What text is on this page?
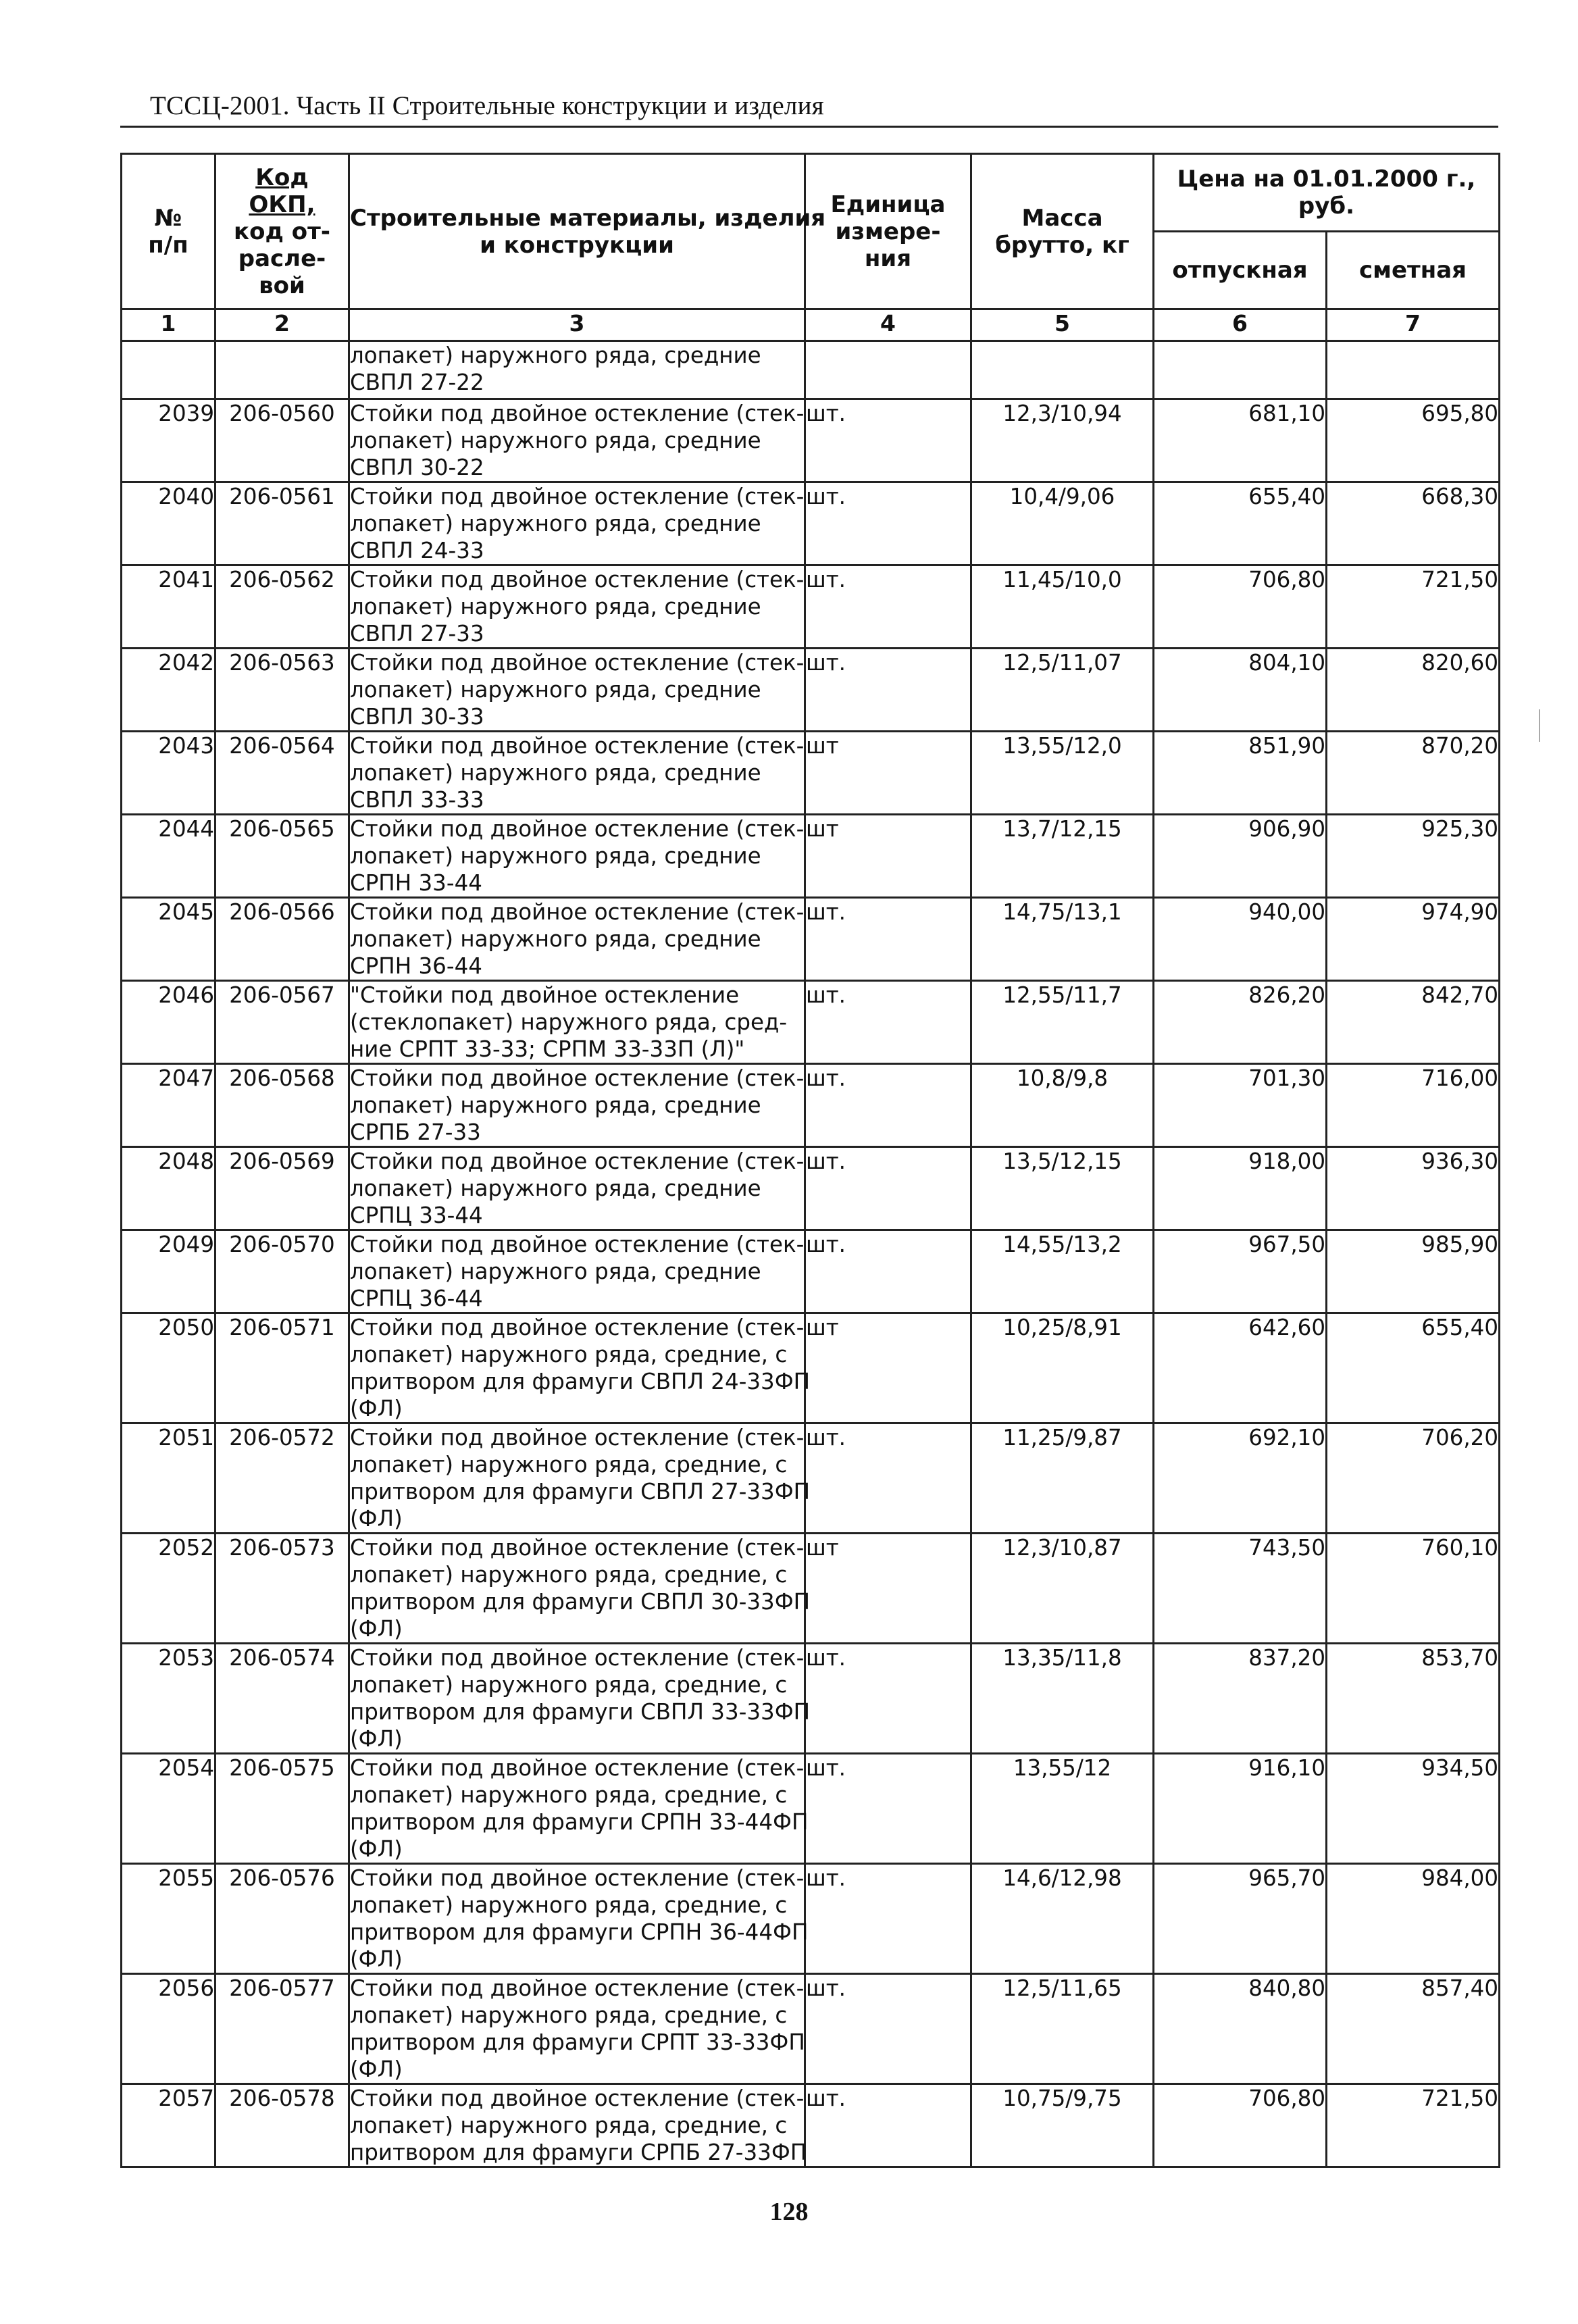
ТССЦ-2001. Часть II Строительные конструкции и изделия
№
п/п	Код
ОКП,
код от-
расле-
вой	Строительные материалы, изделия
и конструкции	Единица
измере-
ния	Масса
брутто, кг	Цена на 01.01.2000 г.,
руб.	

					отпускная	сметная
1	2	3	4	5	6	7

		лопакет) наружного ряда, средние
СВПЛ 27-22				

2039	206-0560	Стойки под двойное остекление (стек-
лопакет) наружного ряда, средние
СВПЛ 30-22	шт.	12,3/10,94	681,10	695,80
2040	206-0561	Стойки под двойное остекление (стек-
лопакет) наружного ряда, средние
СВПЛ 24-33	шт.	10,4/9,06	655,40	668,30
2041	206-0562	Стойки под двойное остекление (стек-
лопакет) наружного ряда, средние
СВПЛ 27-33	шт.	11,45/10,0	706,80	721,50
2042	206-0563	Стойки под двойное остекление (стек-
лопакет) наружного ряда, средние
СВПЛ 30-33	шт.	12,5/11,07	804,10	820,60
2043	206-0564	Стойки под двойное остекление (стек-
лопакет) наружного ряда, средние
СВПЛ 33-33	шт	13,55/12,0	851,90	870,20
2044	206-0565	Стойки под двойное остекление (стек-
лопакет) наружного ряда, средние
СРПН 33-44	шт	13,7/12,15	906,90	925,30
2045	206-0566	Стойки под двойное остекление (стек-
лопакет) наружного ряда, средние
СРПН 36-44	шт.	14,75/13,1	940,00	974,90
2046	206-0567	"Стойки под двойное остекление
(стеклопакет) наружного ряда, сред-
ние СРПТ 33-33; СРПМ 33-33П (Л)"	шт.	12,55/11,7	826,20	842,70
2047	206-0568	Стойки под двойное остекление (стек-
лопакет) наружного ряда, средние
СРПБ 27-33	шт.	10,8/9,8	701,30	716,00
2048	206-0569	Стойки под двойное остекление (стек-
лопакет) наружного ряда, средние
СРПЦ 33-44	шт.	13,5/12,15	918,00	936,30
2049	206-0570	Стойки под двойное остекление (стек-
лопакет) наружного ряда, средние
СРПЦ 36-44	шт.	14,55/13,2	967,50	985,90
2050	206-0571	Стойки под двойное остекление (стек-
лопакет) наружного ряда, средние, с
притвором для фрамуги СВПЛ 24-33ФП
(ФЛ)	шт	10,25/8,91	642,60	655,40
2051	206-0572	Стойки под двойное остекление (стек-
лопакет) наружного ряда, средние, с
притвором для фрамуги СВПЛ 27-33ФП
(ФЛ)	шт.	11,25/9,87	692,10	706,20
2052	206-0573	Стойки под двойное остекление (стек-
лопакет) наружного ряда, средние, с
притвором для фрамуги СВПЛ 30-33ФП
(ФЛ)	шт	12,3/10,87	743,50	760,10
2053	206-0574	Стойки под двойное остекление (стек-
лопакет) наружного ряда, средние, с
притвором для фрамуги СВПЛ 33-33ФП
(ФЛ)	шт.	13,35/11,8	837,20	853,70
2054	206-0575	Стойки под двойное остекление (стек-
лопакет) наружного ряда, средние, с
притвором для фрамуги СРПН 33-44ФП
(ФЛ)	шт.	13,55/12	916,10	934,50
2055	206-0576	Стойки под двойное остекление (стек-
лопакет) наружного ряда, средние, с
притвором для фрамуги СРПН 36-44ФП
(ФЛ)	шт.	14,6/12,98	965,70	984,00
2056	206-0577	Стойки под двойное остекление (стек-
лопакет) наружного ряда, средние, с
притвором для фрамуги СРПТ 33-33ФП
(ФЛ)	шт.	12,5/11,65	840,80	857,40
2057	206-0578	Стойки под двойное остекление (стек-
лопакет) наружного ряда, средние, с
притвором для фрамуги СРПБ 27-33ФП	шт.	10,75/9,75	706,80	721,50
128
